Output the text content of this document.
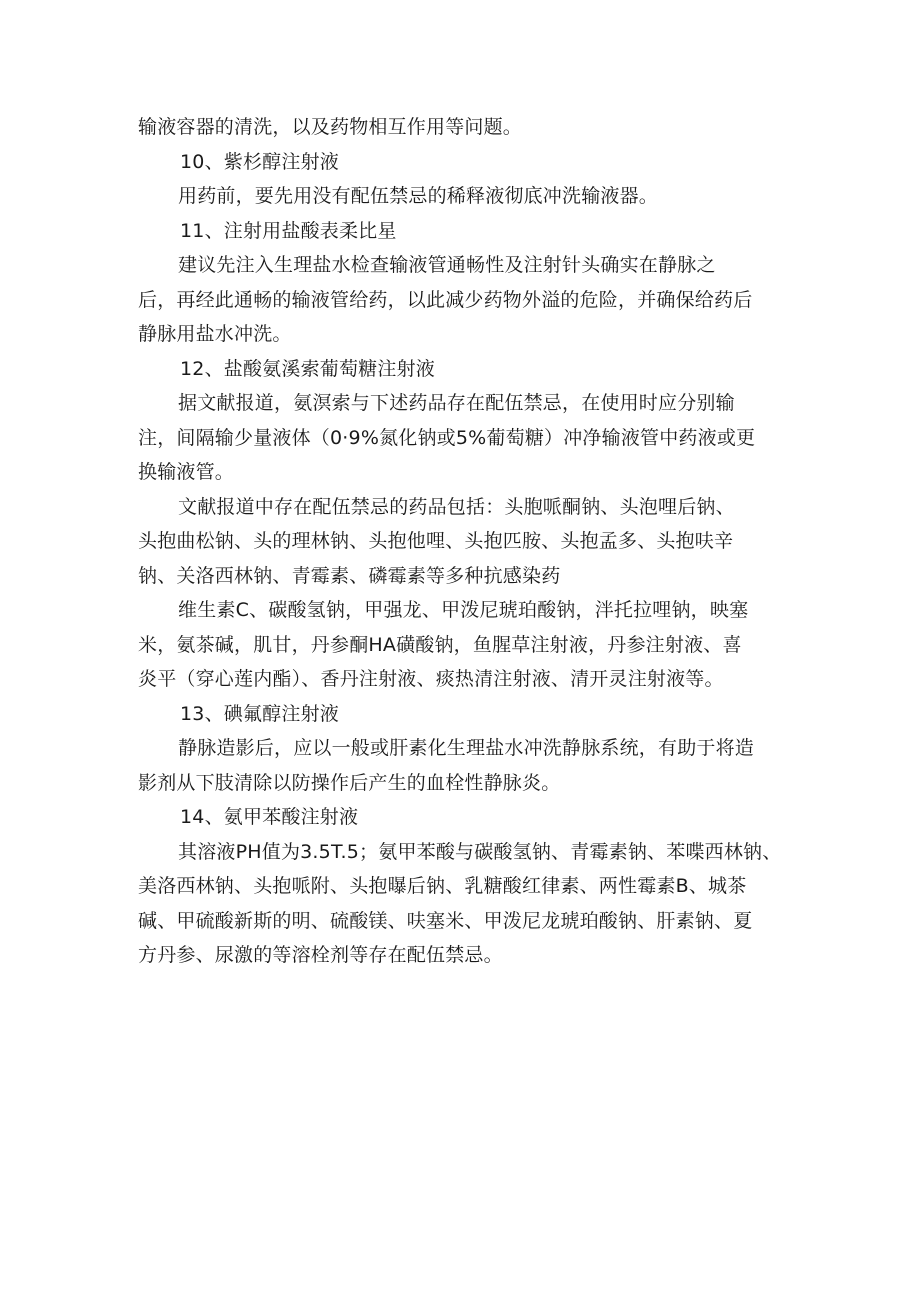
输液容器的清洗，以及药物相互作用等问题。
10、紫杉醇注射液
用药前，要先用没有配伍禁忌的稀释液彻底冲洗输液器。
11、注射用盐酸表柔比星
建议先注入生理盐水检查输液管通畅性及注射针头确实在静脉之
后，再经此通畅的输液管给药，以此减少药物外溢的危险，并确保给药后
静脉用盐水冲洗。
12、盐酸氨溪索葡萄糖注射液
据文献报道，氨溟索与下述药品存在配伍禁忌，在使用时应分别输
注，间隔输少量液体（0·9%氮化钠或5%葡萄糖）冲净输液管中药液或更
换输液管。
文献报道中存在配伍禁忌的药品包括：头胞哌酮钠、头泡哩后钠、
头抱曲松钠、头的理林钠、头抱他哩、头抱匹胺、头抱孟多、头抱呋辛
钠、关洛西林钠、青霉素、磷霉素等多种抗感染药
维生素C、碳酸氢钠，甲强龙、甲泼尼琥珀酸钠，泮托拉哩钠，映塞
米，氨茶碱，肌甘，丹参酮HA磺酸钠，鱼腥草注射液，丹参注射液、喜
炎平（穿心莲内酯）、香丹注射液、痰热清注射液、清开灵注射液等。
13、碘氟醇注射液
静脉造影后，应以一般或肝素化生理盐水冲洗静脉系统，有助于将造
影剂从下肢清除以防操作后产生的血栓性静脉炎。
14、氨甲苯酸注射液
其溶液PH值为3.5T.5；氨甲苯酸与碳酸氢钠、青霉素钠、苯喋西林钠、
美洛西林钠、头抱哌附、头抱曝后钠、乳糖酸红律素、两性霉素B、城茶
碱、甲硫酸新斯的明、硫酸镁、呋塞米、甲泼尼龙琥珀酸钠、肝素钠、夏
方丹参、尿激的等溶栓剂等存在配伍禁忌。
